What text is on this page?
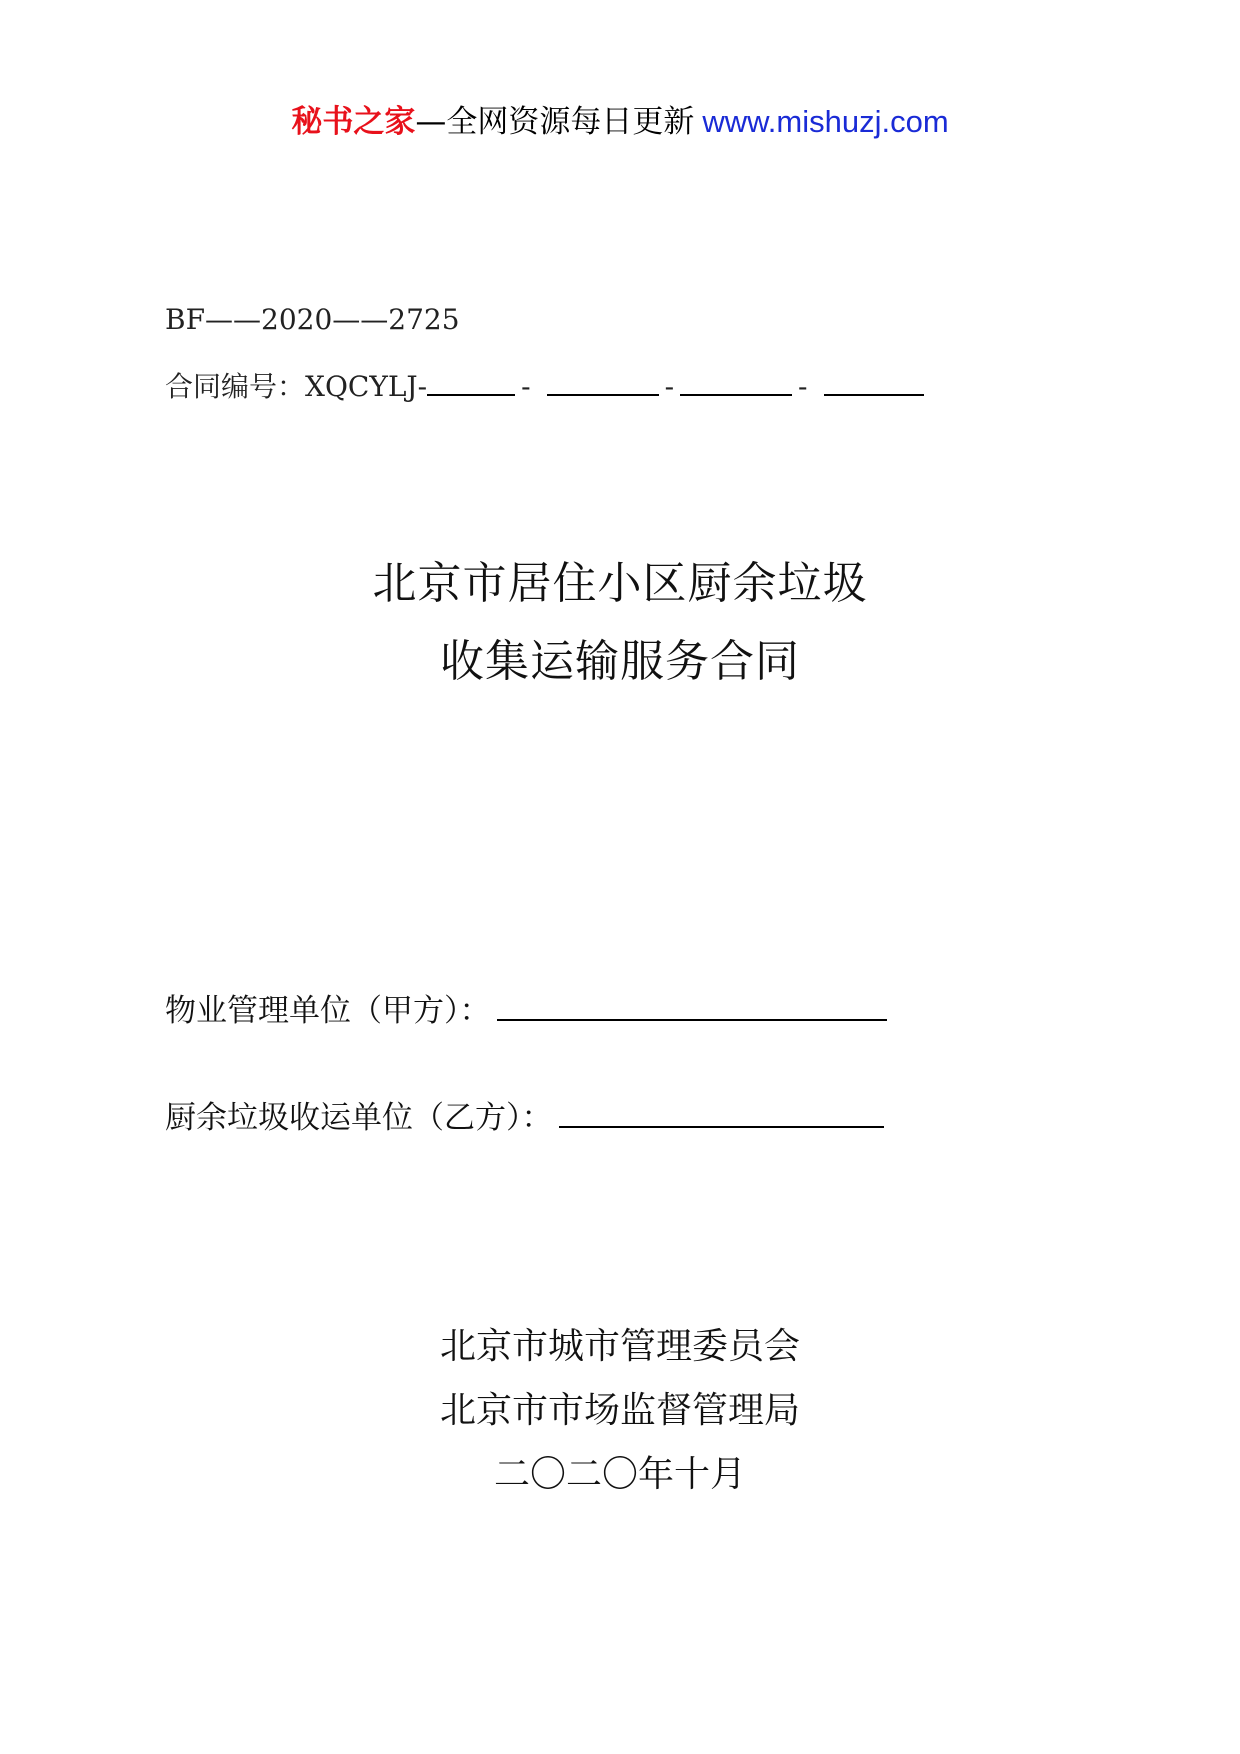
秘书之家—全网资源每日更新 www.mishuzj.com
BF——2020——2725
合同编号：XQCYLJ-	-	-	-
北京市居住小区厨余垃圾
收集运输服务合同
物业管理单位（甲方）：
厨余垃圾收运单位（乙方）：
北京市城市管理委员会
北京市市场监督管理局
二〇二〇年十月
